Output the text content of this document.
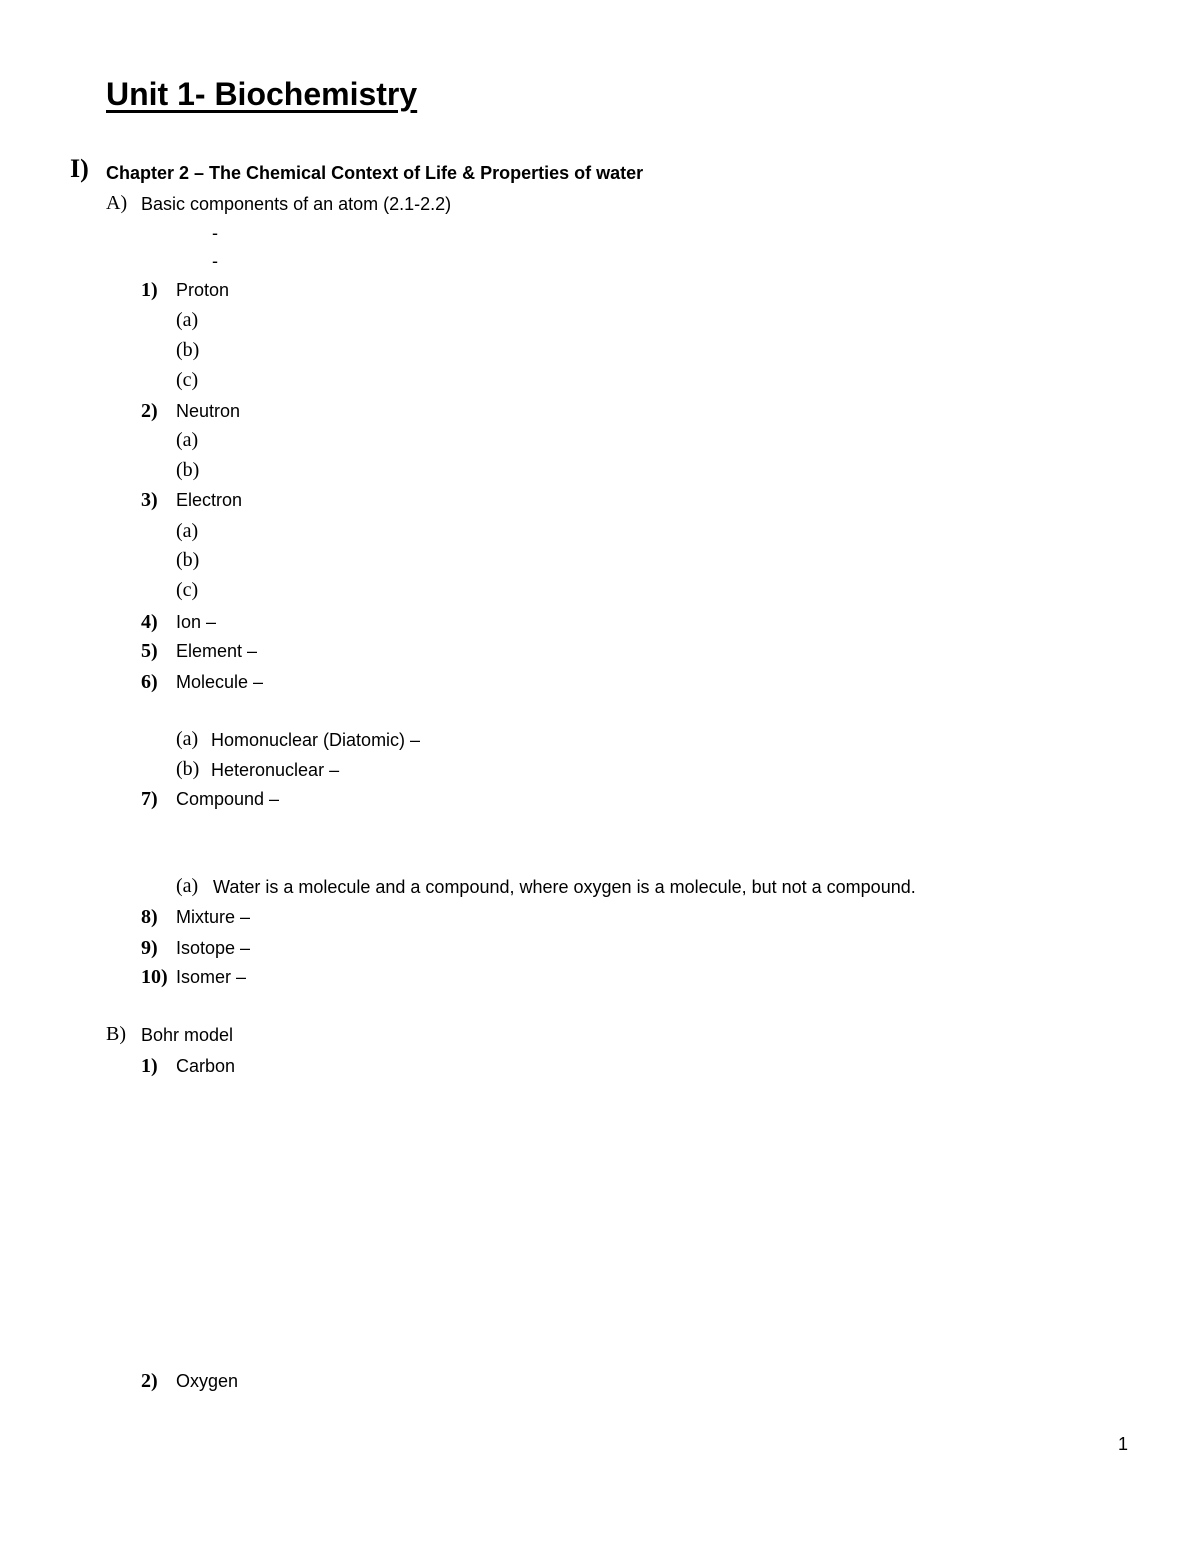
Unit 1- Biochemistry
I) Chapter 2 – The Chemical Context of Life & Properties of water
A) Basic components of an atom (2.1-2.2)
-
-
1) Proton
(a)
(b)
(c)
2) Neutron
(a)
(b)
3) Electron
(a)
(b)
(c)
4) Ion –
5) Element –
6) Molecule –
(a) Homonuclear (Diatomic) –
(b) Heteronuclear –
7) Compound –
(a) Water is a molecule and a compound, where oxygen is a molecule, but not a compound.
8) Mixture –
9) Isotope –
10) Isomer –
B) Bohr model
1) Carbon
2) Oxygen
1
